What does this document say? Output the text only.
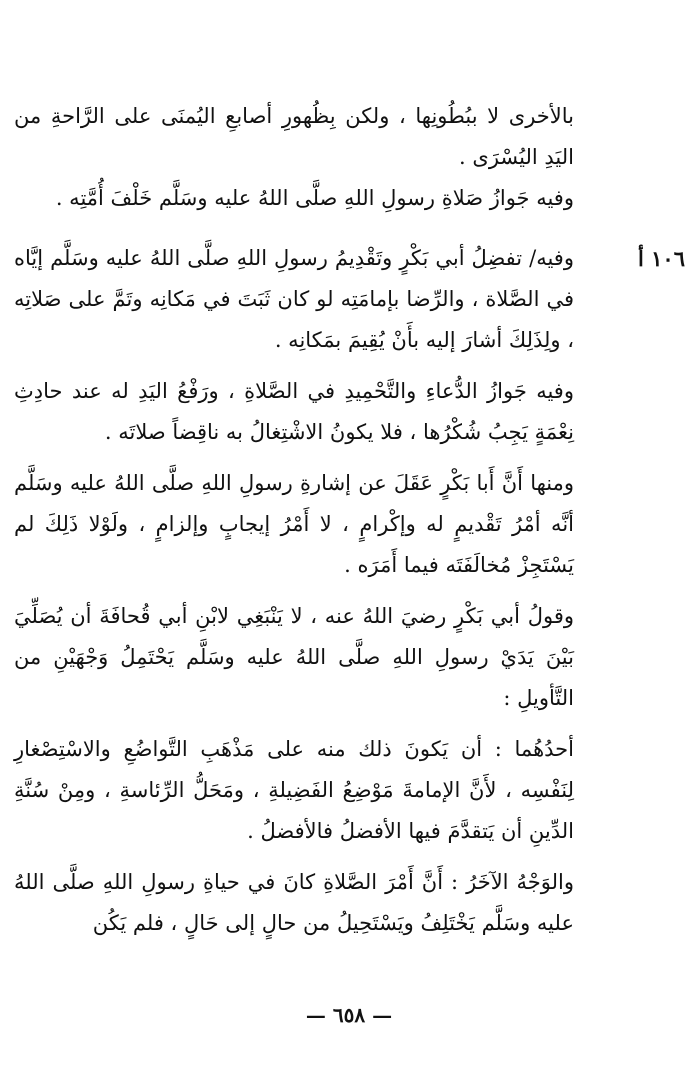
بالأخرى لا ببُطُونِها ، ولكن بِظُهورِ أصابعِ اليُمنَى على الرَّاحةِ من اليَدِ اليُسْرَى .

وفيه جَوازُ صَلاةِ رسولِ اللهِ صلَّى اللهُ عليه وسَلَّم خَلْفَ أُمَّتِه .

١٠٦ أ

وفيه/ تفضِلُ أبي بَكْرٍ وتَقْدِيمُ رسولِ اللهِ صلَّى اللهُ عليه وسَلَّم إيَّاه في الصَّلاة ، والرِّضا بإمامَتِه لو كان ثَبَتَ في مَكانِه وتَمَّ على صَلاتِه ، ولِذَلِكَ أشارَ إليه بأَنْ يُقِيمَ بمَكانِه .

وفيه جَوازُ الدُّعاءِ والتَّحْمِيدِ في الصَّلاةِ ، ورَفْعُ اليَدِ له عند حادِثِ نِعْمَةٍ يَجِبُ شُكْرُها ، فلا يكونُ الاشْتِغالُ به ناقِضاً صلاتَه .

ومنها أَنَّ أَبا بَكْرٍ عَقَلَ عن إشارةِ رسولِ اللهِ صلَّى اللهُ عليه وسَلَّم أنَّه أمْرُ تَقْديمٍ له وإكْرامٍ ، لا أَمْرُ إيجابٍ وإلزامٍ ، ولَوْلا ذَلِكَ لم يَسْتَجِزْ مُخالَفَتَه فيما أَمَرَه .

وقولُ أبي بَكْرٍ رضيَ اللهُ عنه ، لا يَنْبَغِي لابْنِ أبي قُحافَةَ أن يُصَلِّيَ بَيْنَ يَدَيْ رسولِ اللهِ صلَّى اللهُ عليه وسَلَّم يَحْتَمِلُ وَجْهَيْنِ من التَّأويلِ :

أحدُهُما : أن يَكونَ ذلك منه على مَذْهَبِ التَّواضُعِ والاسْتِصْغارِ لِنَفْسِه ، لأَنَّ الإمامةَ مَوْضِعُ الفَضِيلةِ ، ومَحَلُّ الرِّئاسةِ ، ومِنْ سُنَّةِ الدِّينِ أن يَتقدَّمَ فيها الأفضلُ فالأفضلُ .

والوَجْهُ الآخَرُ : أَنَّ أَمْرَ الصَّلاةِ كانَ في حياةِ رسولِ اللهِ صلَّى اللهُ عليه وسَلَّم يَخْتَلِفُ ويَسْتَحِيلُ من حالٍ إلى حَالٍ ، فلم يَكُن

— ٦٥٨ —
